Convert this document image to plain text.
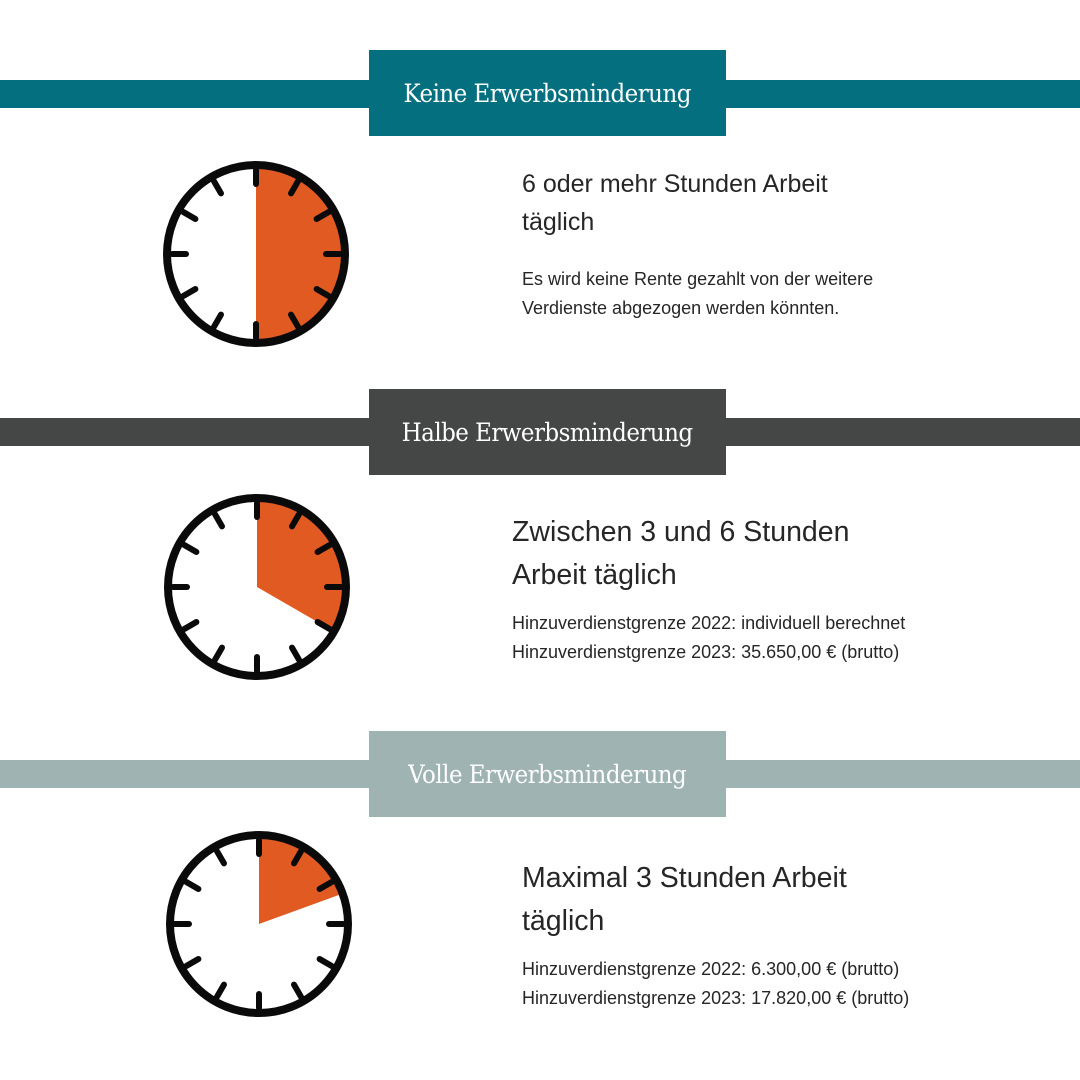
Keine Erwerbsminderung
6 oder mehr Stunden Arbeit
täglich

Es wird keine Rente gezahlt von der weitere Verdienste abgezogen werden könnten.

Halbe Erwerbsminderung
Zwischen 3 und 6 Stunden
Arbeit täglich

Hinzuverdienstgrenze 2022: individuell berechnet

Hinzuverdienstgrenze 2023: 35.650,00 € (brutto)

Volle Erwerbsminderung
Maximal 3 Stunden Arbeit
täglich

Hinzuverdienstgrenze 2022: 6.300,00 € (brutto)

Hinzuverdienstgrenze 2023: 17.820,00 € (brutto)
